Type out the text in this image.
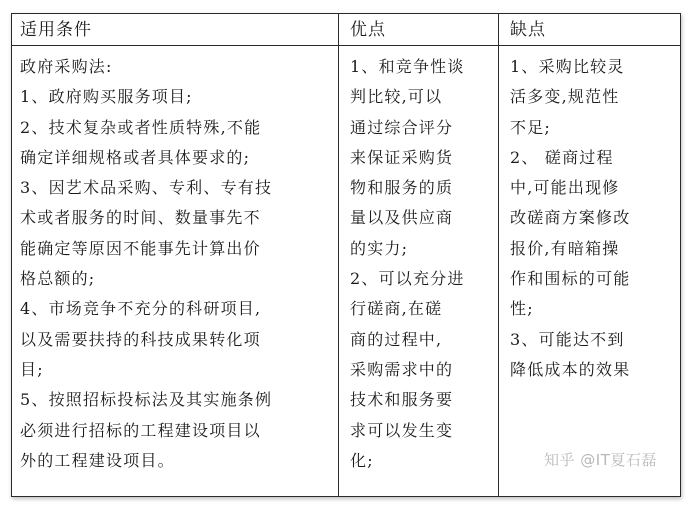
适用条件	优点	缺点
政府采购法:
1、政府购买服务项目;
2、技术复杂或者性质特殊,不能
确定详细规格或者具体要求的;
3、因艺术品采购、专利、专有技
术或者服务的时间、数量事先不
能确定等原因不能事先计算出价
格总额的;
4、市场竞争不充分的科研项目,
以及需要扶持的科技成果转化项
目;
5、按照招标投标法及其实施条例
必须进行招标的工程建设项目以
外的工程建设项目。
1、和竞争性谈
判比较,可以
通过综合评分
来保证采购货
物和服务的质
量以及供应商
的实力;
2、可以充分进
行磋商,在磋
商的过程中,
采购需求中的
技术和服务要
求可以发生变
化;
1、采购比较灵
活多变,规范性
不足;
2、 磋商过程
中,可能出现修
改磋商方案修改
报价,有暗箱操
作和围标的可能
性;
3、可能达不到
降低成本的效果
知乎 @IT夏石磊
